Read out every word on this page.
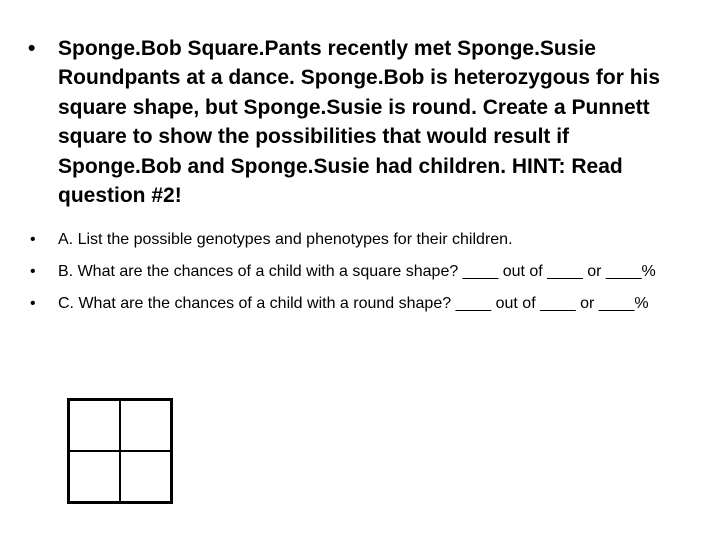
• Sponge.Bob Square.Pants recently met Sponge.Susie Roundpants at a dance. Sponge.Bob is heterozygous for his square shape, but Sponge.Susie is round. Create a Punnett square to show the possibilities that would result if Sponge.Bob and Sponge.Susie had children. HINT: Read question #2!
• A. List the possible genotypes and phenotypes for their children.
• B. What are the chances of a child with a square shape? ____ out of ____ or ____%
• C. What are the chances of a child with a round shape? ____ out of ____ or ____%
